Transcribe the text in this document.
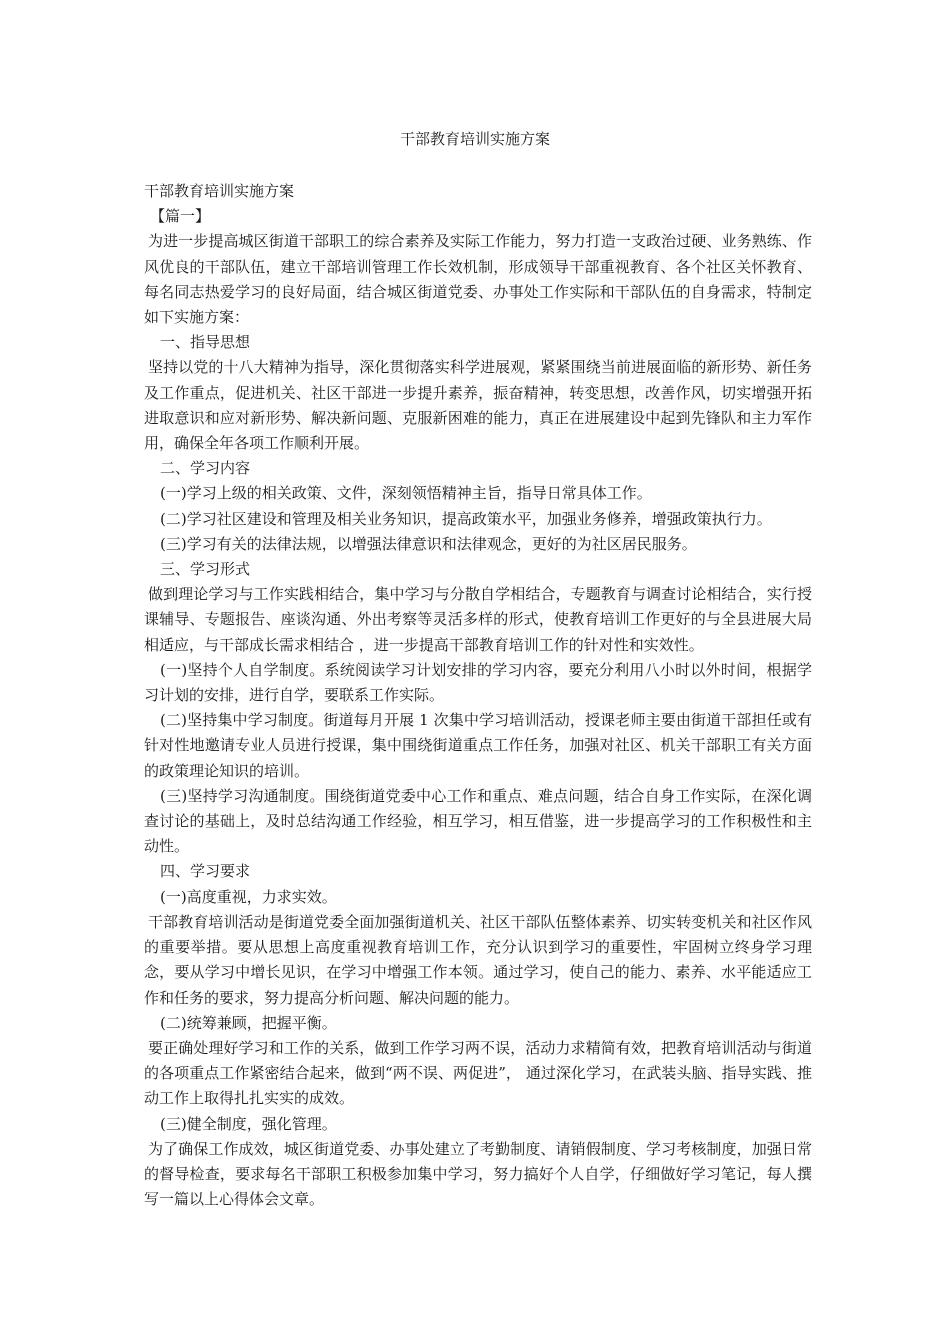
干部教育培训实施方案

干部教育培训实施方案

【篇一】

为进一步提高城区街道干部职工的综合素养及实际工作能力，努力打造一支政治过硬、业务熟练、作风优良的干部队伍，建立干部培训管理工作长效机制，形成领导干部重视教育、各个社区关怀教育、每名同志热爱学习的良好局面，结合城区街道党委、办事处工作实际和干部队伍的自身需求，特制定如下实施方案：

一、指导思想

坚持以党的十八大精神为指导，深化贯彻落实科学进展观，紧紧围绕当前进展面临的新形势、新任务及工作重点，促进机关、社区干部进一步提升素养，振奋精神，转变思想，改善作风，切实增强开拓进取意识和应对新形势、解决新问题、克服新困难的能力，真正在进展建设中起到先锋队和主力军作用，确保全年各项工作顺利开展。

二、学习内容

(一)学习上级的相关政策、文件，深刻领悟精神主旨，指导日常具体工作。

(二)学习社区建设和管理及相关业务知识，提高政策水平，加强业务修养，增强政策执行力。

(三)学习有关的法律法规，以增强法律意识和法律观念，更好的为社区居民服务。

三、学习形式

做到理论学习与工作实践相结合，集中学习与分散自学相结合，专题教育与调查讨论相结合，实行授课辅导、专题报告、座谈沟通、外出考察等灵活多样的形式，使教育培训工作更好的与全县进展大局相适应，与干部成长需求相结合 ，进一步提高干部教育培训工作的针对性和实效性。

(一)坚持个人自学制度。系统阅读学习计划安排的学习内容，要充分利用八小时以外时间，根据学习计划的安排，进行自学，要联系工作实际。

(二)坚持集中学习制度。街道每月开展 1 次集中学习培训活动，授课老师主要由街道干部担任或有针对性地邀请专业人员进行授课，集中围绕街道重点工作任务，加强对社区、机关干部职工有关方面的政策理论知识的培训。

(三)坚持学习沟通制度。围绕街道党委中心工作和重点、难点问题，结合自身工作实际，在深化调查讨论的基础上，及时总结沟通工作经验，相互学习，相互借鉴，进一步提高学习的工作积极性和主动性。

四、学习要求

(一)高度重视，力求实效。

干部教育培训活动是街道党委全面加强街道机关、社区干部队伍整体素养、切实转变机关和社区作风的重要举措。要从思想上高度重视教育培训工作，充分认识到学习的重要性，牢固树立终身学习理念，要从学习中增长见识，在学习中增强工作本领。通过学习，使自己的能力、素养、水平能适应工作和任务的要求，努力提高分析问题、解决问题的能力。

(二)统筹兼顾，把握平衡。

要正确处理好学习和工作的关系，做到工作学习两不误，活动力求精简有效，把教育培训活动与街道的各项重点工作紧密结合起来，做到“两不误、两促进”， 通过深化学习，在武装头脑、指导实践、推动工作上取得扎扎实实的成效。

(三)健全制度，强化管理。

为了确保工作成效，城区街道党委、办事处建立了考勤制度、请销假制度、学习考核制度，加强日常的督导检查，要求每名干部职工积极参加集中学习，努力搞好个人自学，仔细做好学习笔记，每人撰写一篇以上心得体会文章。
